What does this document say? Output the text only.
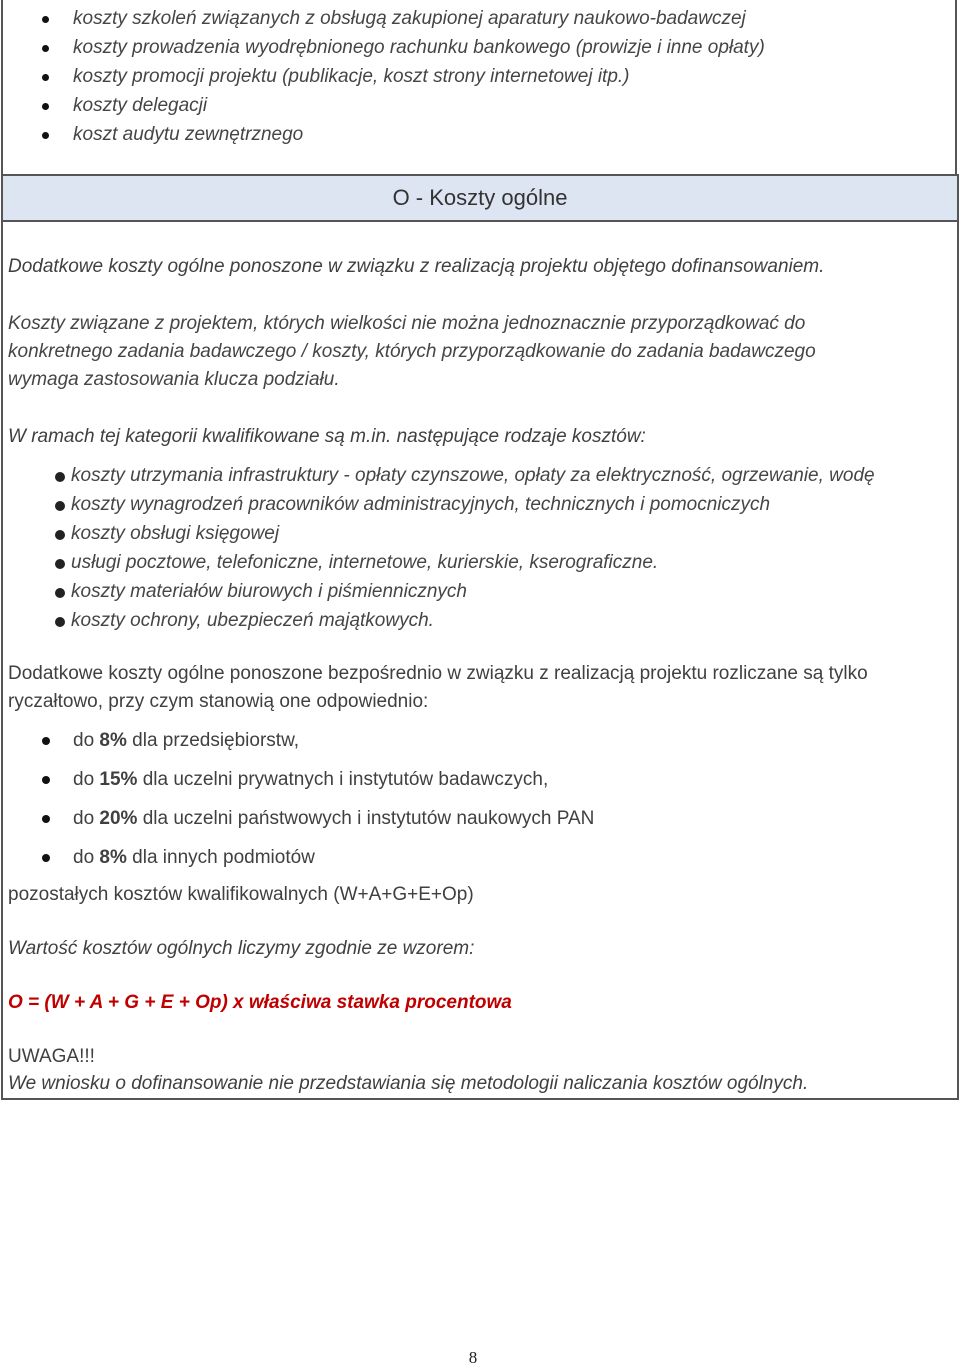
koszty szkoleń związanych z obsługą zakupionej aparatury naukowo-badawczej
koszty prowadzenia wyodrębnionego rachunku bankowego (prowizje i inne opłaty)
koszty promocji projektu (publikacje, koszt strony internetowej itp.)
koszty delegacji
koszt audytu zewnętrznego
O - Koszty ogólne
Dodatkowe koszty ogólne ponoszone w związku z realizacją projektu objętego dofinansowaniem.
Koszty związane z projektem, których wielkości nie można jednoznacznie przyporządkować do
konkretnego zadania badawczego / koszty, których przyporządkowanie do zadania badawczego
wymaga zastosowania klucza podziału.
W ramach tej kategorii kwalifikowane są m.in. następujące rodzaje kosztów:
koszty utrzymania infrastruktury - opłaty czynszowe, opłaty za elektryczność, ogrzewanie, wodę
koszty wynagrodzeń pracowników administracyjnych, technicznych i pomocniczych
koszty obsługi księgowej
usługi pocztowe, telefoniczne, internetowe, kurierskie, kserograficzne.
koszty materiałów biurowych i piśmiennicznych
koszty ochrony, ubezpieczeń majątkowych.
Dodatkowe koszty ogólne ponoszone bezpośrednio w związku z realizacją projektu rozliczane są tylko
ryczałtowo, przy czym stanowią one odpowiednio:
do 8% dla przedsiębiorstw,
do 15% dla uczelni prywatnych i instytutów badawczych,
do 20% dla uczelni państwowych i instytutów naukowych PAN
do 8% dla innych podmiotów
pozostałych kosztów kwalifikowalnych (W+A+G+E+Op)
Wartość kosztów ogólnych liczymy zgodnie ze wzorem:
O = (W + A + G + E + Op) x właściwa stawka procentowa
UWAGA!!!
We wniosku o dofinansowanie nie przedstawiania się metodologii naliczania kosztów ogólnych.
8
